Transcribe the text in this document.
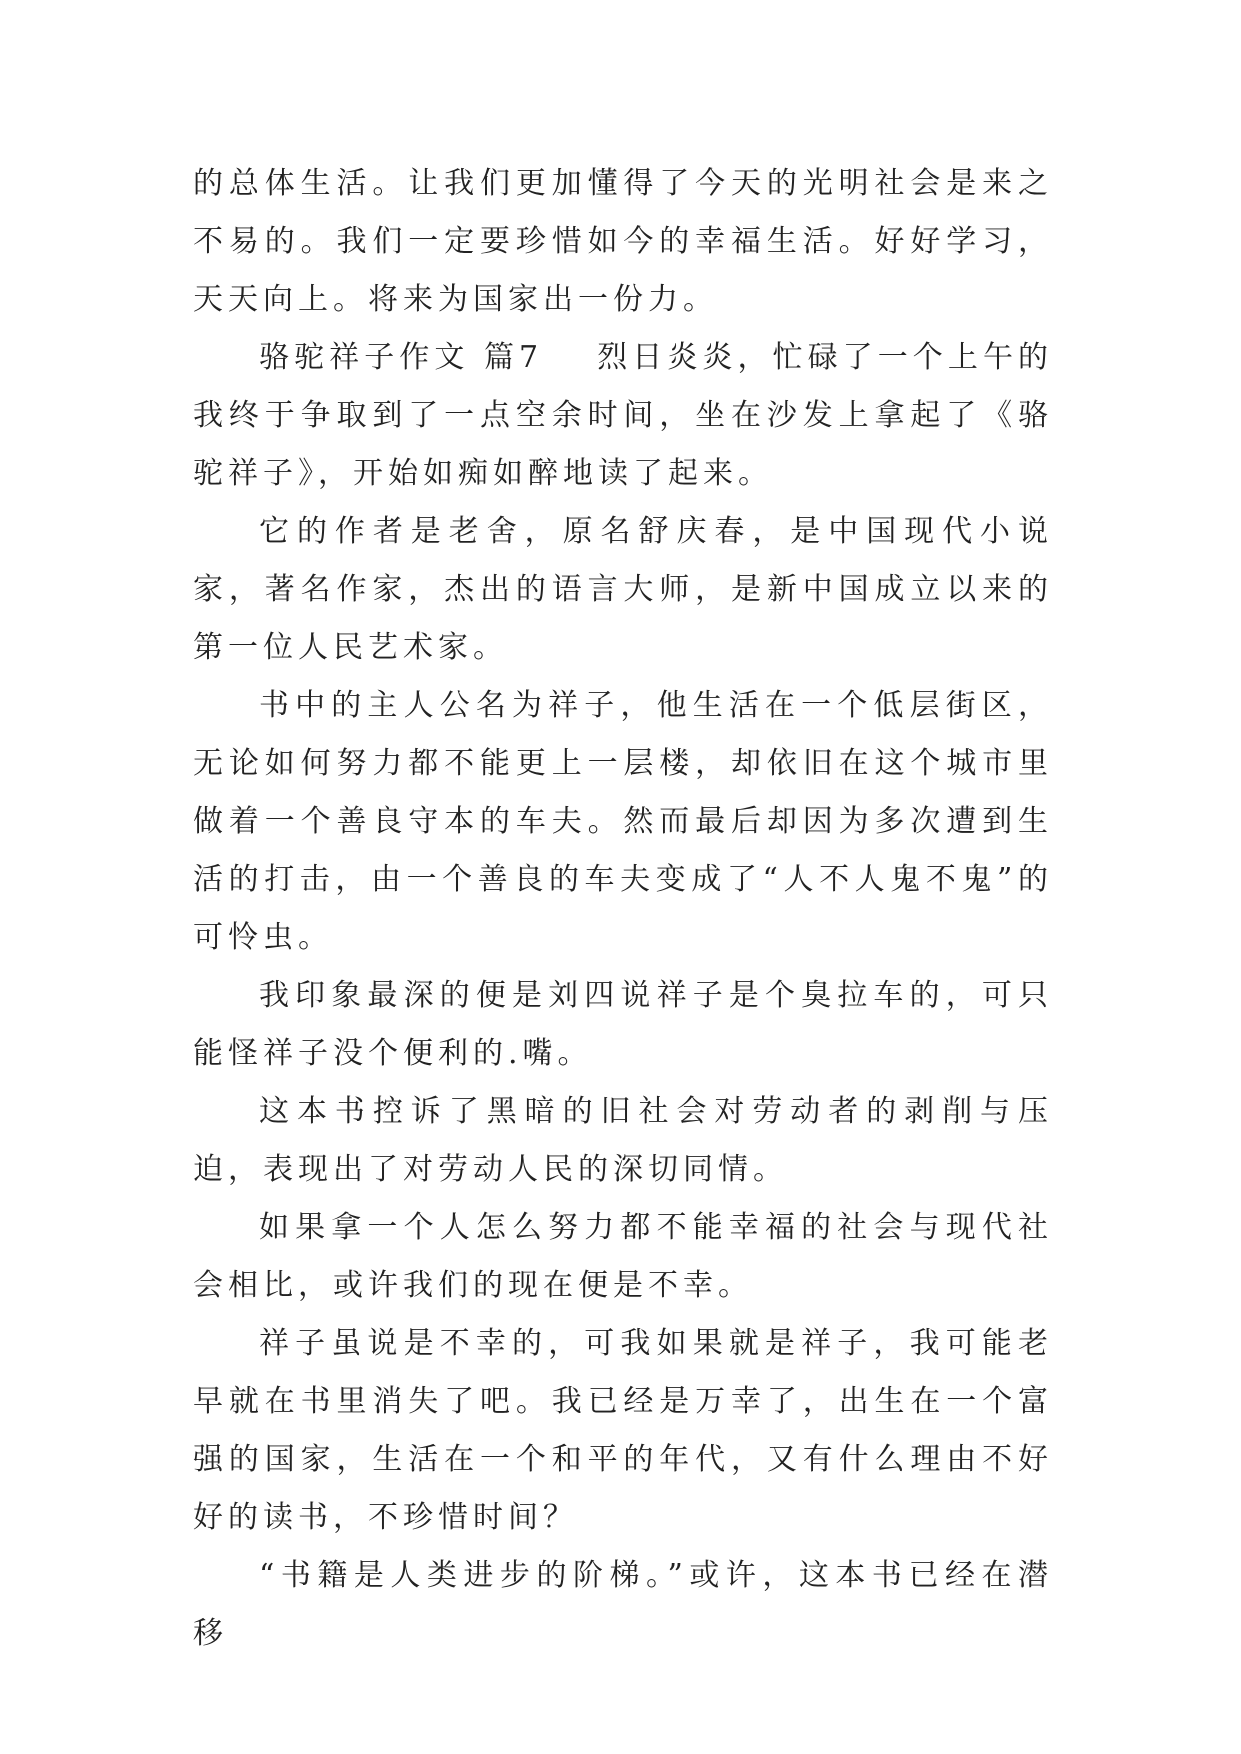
的总体生活。让我们更加懂得了今天的光明社会是来之不易的。我们一定要珍惜如今的幸福生活。好好学习，天天向上。将来为国家出一份力。

骆驼祥子作文 篇7 烈日炎炎，忙碌了一个上午的我终于争取到了一点空余时间，坐在沙发上拿起了《骆驼祥子》，开始如痴如醉地读了起来。

它的作者是老舍，原名舒庆春，是中国现代小说家，著名作家，杰出的语言大师，是新中国成立以来的第一位人民艺术家。

书中的主人公名为祥子，他生活在一个低层街区，无论如何努力都不能更上一层楼，却依旧在这个城市里做着一个善良守本的车夫。然而最后却因为多次遭到生活的打击，由一个善良的车夫变成了“人不人鬼不鬼”的可怜虫。

我印象最深的便是刘四说祥子是个臭拉车的，可只能怪祥子没个便利的.嘴。

这本书控诉了黑暗的旧社会对劳动者的剥削与压迫，表现出了对劳动人民的深切同情。

如果拿一个人怎么努力都不能幸福的社会与现代社会相比，或许我们的现在便是不幸。

祥子虽说是不幸的，可我如果就是祥子，我可能老早就在书里消失了吧。我已经是万幸了，出生在一个富强的国家，生活在一个和平的年代，又有什么理由不好好的读书，不珍惜时间？

“书籍是人类进步的阶梯。”或许，这本书已经在潜移
